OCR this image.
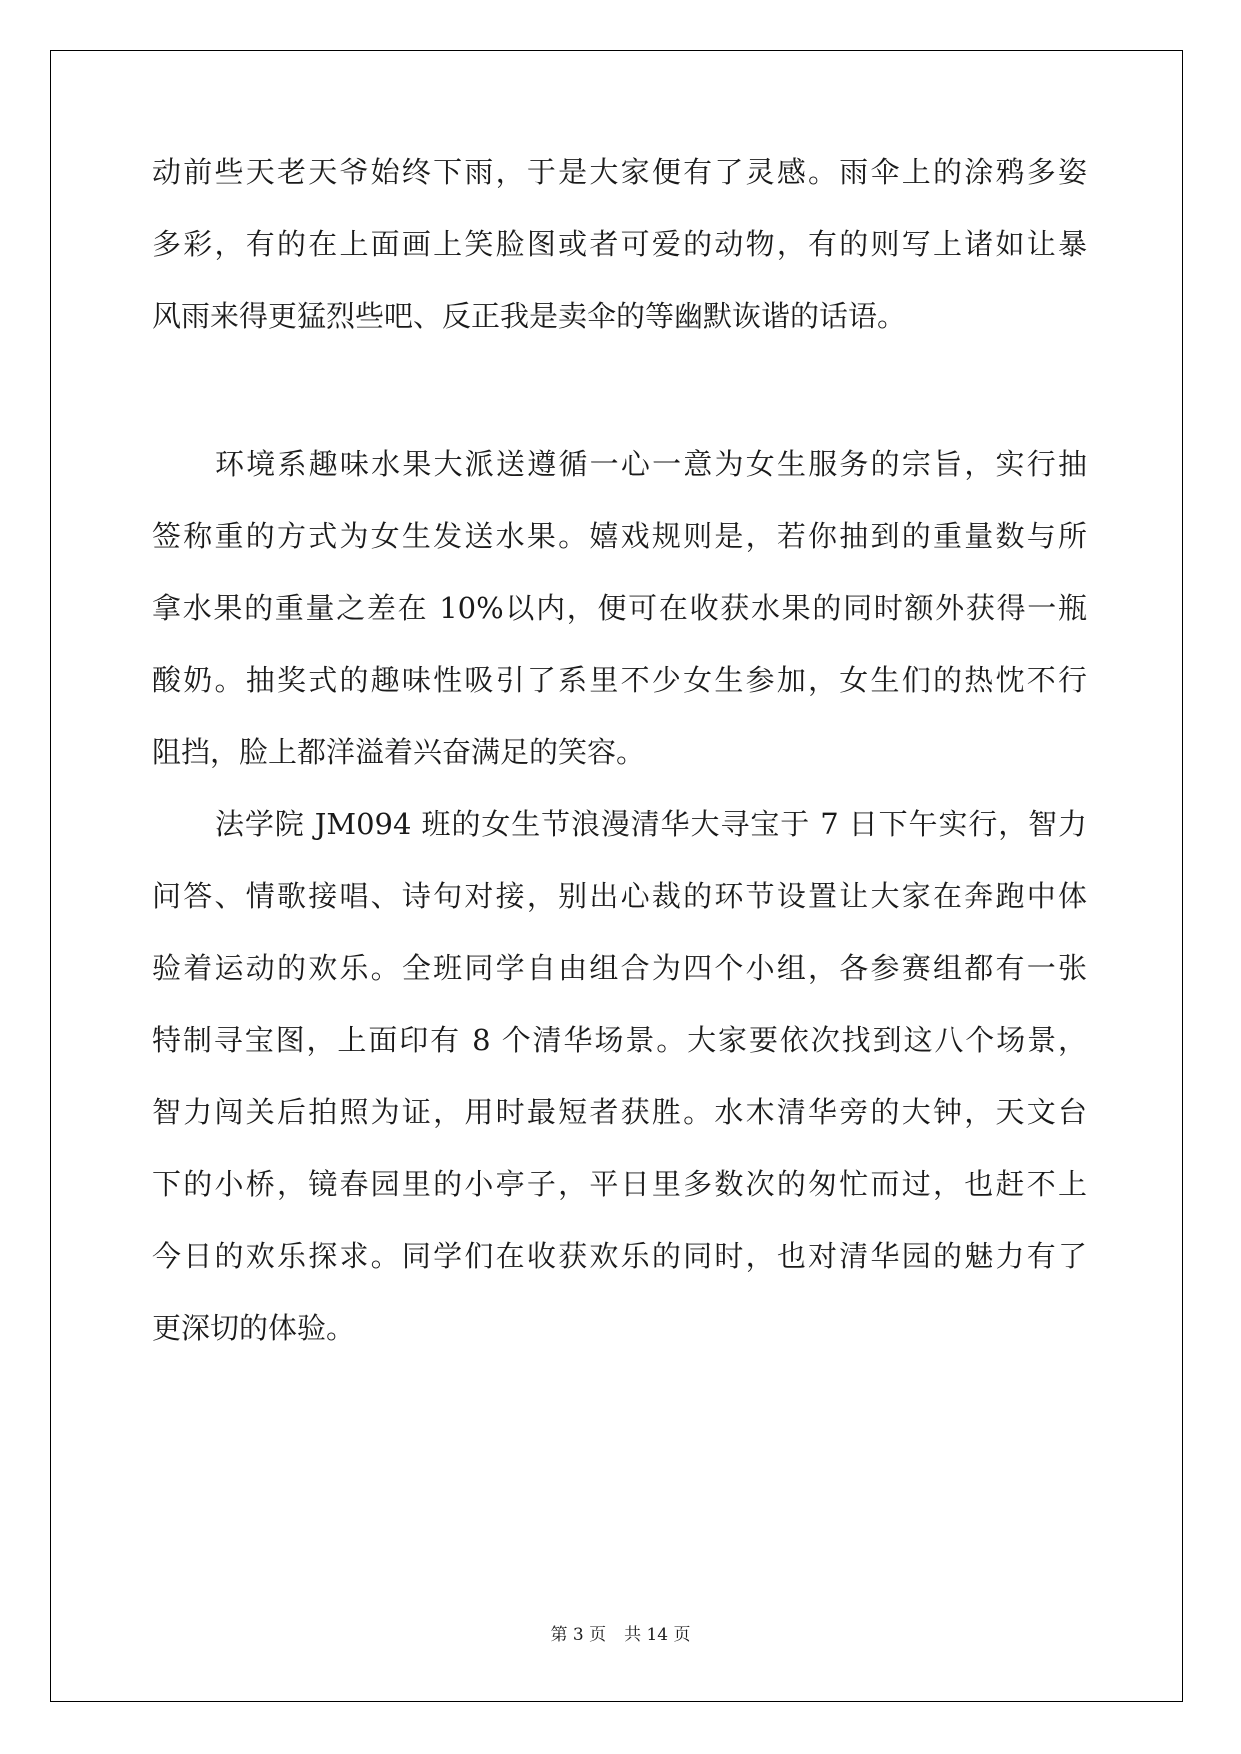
动前些天老天爷始终下雨，于是大家便有了灵感。雨伞上的涂鸦多姿

多彩，有的在上面画上笑脸图或者可爱的动物，有的则写上诸如让暴

风雨来得更猛烈些吧、反正我是卖伞的等幽默诙谐的话语。

环境系趣味水果大派送遵循一心一意为女生服务的宗旨，实行抽

签称重的方式为女生发送水果。嬉戏规则是，若你抽到的重量数与所

拿水果的重量之差在 10%以内，便可在收获水果的同时额外获得一瓶

酸奶。抽奖式的趣味性吸引了系里不少女生参加，女生们的热忱不行

阻挡，脸上都洋溢着兴奋满足的笑容。

法学院 JM094 班的女生节浪漫清华大寻宝于 7 日下午实行，智力

问答、情歌接唱、诗句对接，别出心裁的环节设置让大家在奔跑中体

验着运动的欢乐。全班同学自由组合为四个小组，各参赛组都有一张

特制寻宝图，上面印有 8 个清华场景。大家要依次找到这八个场景，

智力闯关后拍照为证，用时最短者获胜。水木清华旁的大钟，天文台

下的小桥，镜春园里的小亭子，平日里多数次的匆忙而过，也赶不上

今日的欢乐探求。同学们在收获欢乐的同时，也对清华园的魅力有了

更深切的体验。

第 3 页 共 14 页
